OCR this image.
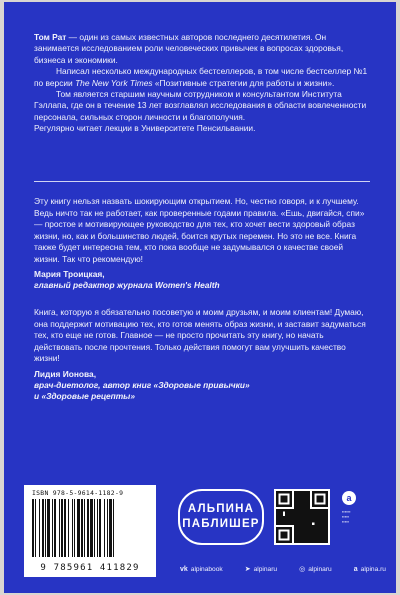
Том Рат — один из самых известных авторов последнего десятилетия. Он занимается исследованием роли человеческих привычек в вопросах здоровья, бизнеса и экономики.

Написал несколько международных бестселлеров, в том числе бестселлер №1 по версии The New York Times «Позитивные стратегии для работы и жизни».

Том является старшим научным сотрудником и консультантом Института Гэллапа, где он в течение 13 лет возглавлял исследования в области вовлеченности персонала, сильных сторон личности и благополучия.

Регулярно читает лекции в Университете Пенсильвании.

Эту книгу нельзя назвать шокирующим открытием. Но, честно говоря, и к лучшему. Ведь ничто так не работает, как проверенные годами правила. «Ешь, двигайся, спи» — простое и мотивирующее руководство для тех, кто хочет вести здоровый образ жизни, но, как и большинство людей, боится крутых перемен. Но это не все. Книга также будет интересна тем, кто пока вообще не задумывался о качестве своей жизни. Так что рекомендую!

Мария Троицкая,
главный редактор журнала Women's Health

Книга, которую я обязательно посоветую и моим друзьям, и моим клиентам! Думаю, она поддержит мотивацию тех, кто готов менять образ жизни, и заставит задуматься тех, кто еще не готов. Главное — не просто прочитать эту книгу, но начать действовать после прочтения. Только действия помогут вам улучшить качество жизни!

Лидия Ионова,
врач-диетолог, автор книг «Здоровые привычки»
и «Здоровые рецепты»
ISBN 978-5-9614-1182-9
9 785961 411829
АЛЬПИНА
ПАБЛИШЕР
a
▪▪▪▪▪▪
▪▪▪▪▪
▪▪▪▪▪
vk alpinabook	➤ alpinaru	◎ alpinaru	a alpina.ru
